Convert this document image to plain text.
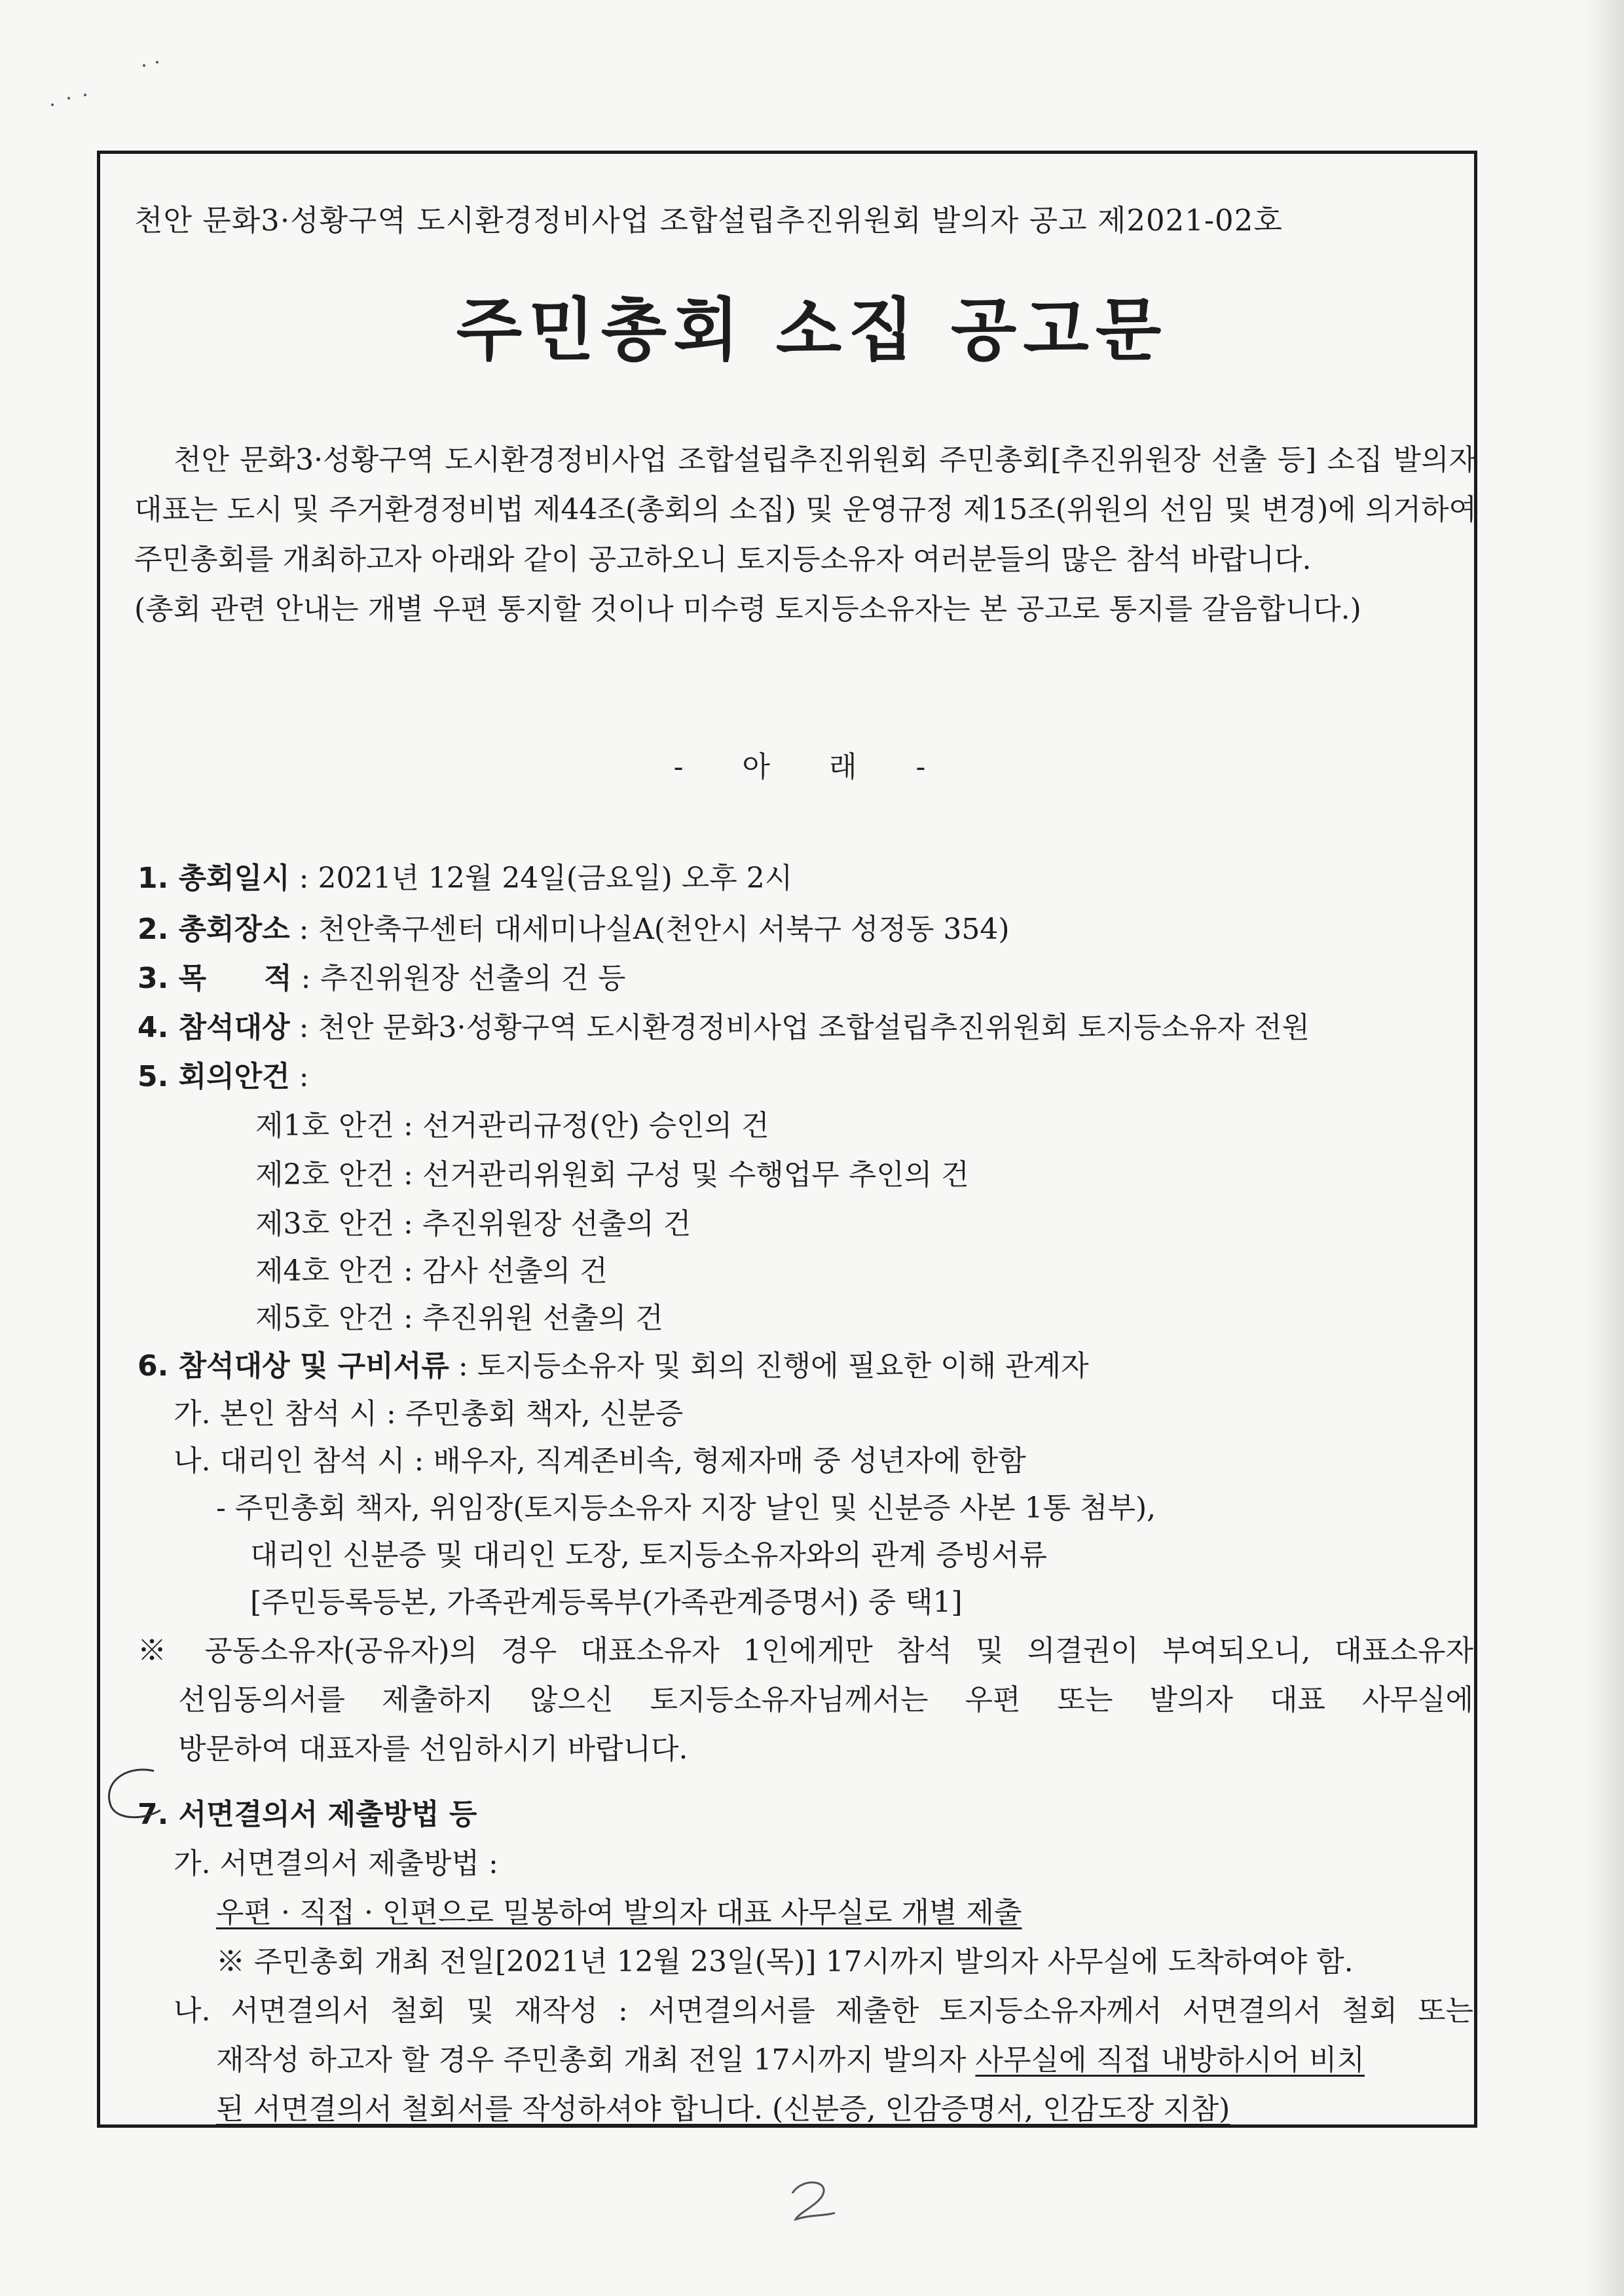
천안 문화3·성황구역 도시환경정비사업 조합설립추진위원회 발의자 공고 제2021-02호
주민총회 소집 공고문

천안 문화3·성황구역 도시환경정비사업 조합설립추진위원회 주민총회[추진위원장 선출 등] 소집 발의자

대표는 도시 및 주거환경정비법 제44조(총회의 소집) 및 운영규정 제15조(위원의 선임 및 변경)에 의거하여

주민총회를 개최하고자 아래와 같이 공고하오니 토지등소유자 여러분들의 많은 참석 바랍니다.

(총회 관련 안내는 개별 우편 통지할 것이나 미수령 토지등소유자는 본 공고로 통지를 갈음합니다.)

- 아 래 -
1. 총회일시 : 2021년 12월 24일(금요일) 오후 2시
2. 총회장소 : 천안축구센터 대세미나실A(천안시 서북구 성정동 354)
3. 목　　적 : 추진위원장 선출의 건 등
4. 참석대상 : 천안 문화3·성황구역 도시환경정비사업 조합설립추진위원회 토지등소유자 전원
5. 회의안건 :
제1호 안건 : 선거관리규정(안) 승인의 건
제2호 안건 : 선거관리위원회 구성 및 수행업무 추인의 건
제3호 안건 : 추진위원장 선출의 건
제4호 안건 : 감사 선출의 건
제5호 안건 : 추진위원 선출의 건
6. 참석대상 및 구비서류 : 토지등소유자 및 회의 진행에 필요한 이해 관계자
가. 본인 참석 시 : 주민총회 책자, 신분증
나. 대리인 참석 시 : 배우자, 직계존비속, 형제자매 중 성년자에 한함
- 주민총회 책자, 위임장(토지등소유자 지장 날인 및 신분증 사본 1통 첨부),
대리인 신분증 및 대리인 도장, 토지등소유자와의 관계 증빙서류
[주민등록등본, 가족관계등록부(가족관계증명서) 중 택1]
※ 공동소유자(공유자)의 경우 대표소유자 1인에게만 참석 및 의결권이 부여되오니, 대표소유자
선임동의서를 제출하지 않으신 토지등소유자님께서는 우편 또는 발의자 대표 사무실에
방문하여 대표자를 선임하시기 바랍니다.
7. 서면결의서 제출방법 등
가. 서면결의서 제출방법 :
우편 · 직접 · 인편으로 밀봉하여 발의자 대표 사무실로 개별 제출
※ 주민총회 개최 전일[2021년 12월 23일(목)] 17시까지 발의자 사무실에 도착하여야 함.
나. 서면결의서 철회 및 재작성 : 서면결의서를 제출한 토지등소유자께서 서면결의서 철회 또는
재작성 하고자 할 경우 주민총회 개최 전일 17시까지 발의자 사무실에 직접 내방하시어 비치
된 서면결의서 철회서를 작성하셔야 합니다. (신분증, 인감증명서, 인감도장 지참)
